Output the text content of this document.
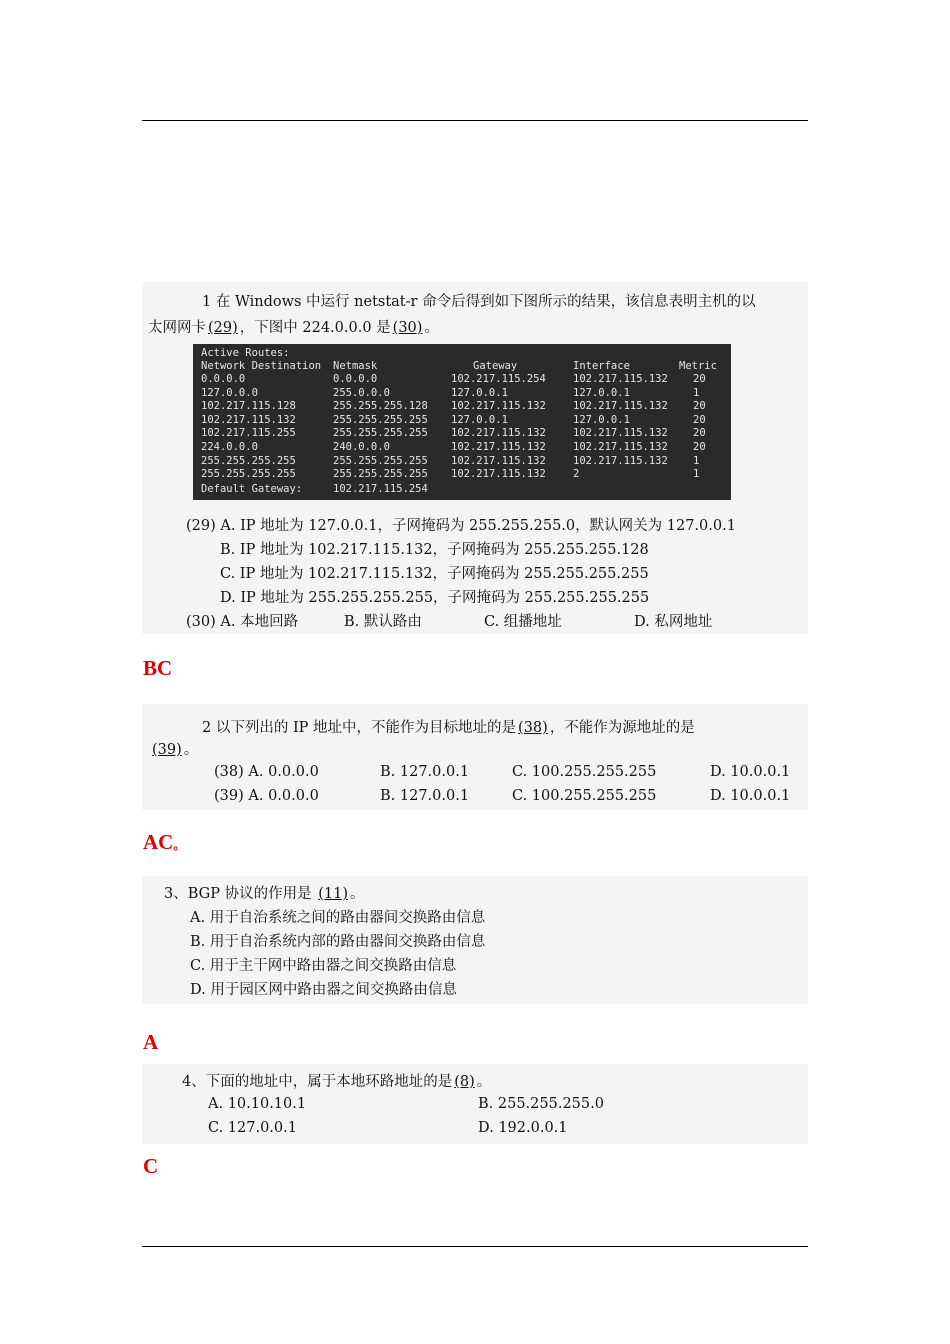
1 在 Windows 中运行 netstat-r 命令后得到如下图所示的结果，该信息表明主机的以
太网网卡 (29) ，下图中 224.0.0.0 是 (30) 。
Active Routes:
Network Destination Netmask	Gateway	Interface	Metric
0.0.0.0	0.0.0.0	102.217.115.254	102.217.115.132 20
127.0.0.0	255.0.0.0	127.0.0.1	127.0.0.1	1
102.217.115.128	255.255.255.128 102.217.115.132	102.217.115.132 20
102.217.115.132	255.255.255.255 127.0.0.1	127.0.0.1	20
102.217.115.255	255.255.255.255 102.217.115.132	102.217.115.132 20
224.0.0.0	240.0.0.0	102.217.115.132	102.217.115.132 20
255.255.255.255	255.255.255.255 102.217.115.132	102.217.115.132 1
255.255.255.255	255.255.255.255 102.217.115.132	2	1
Default Gateway:	102.217.115.254
(29) A. IP 地址为 127.0.0.1，子网掩码为 255.255.255.0，默认网关为 127.0.0.1
B. IP 地址为 102.217.115.132，子网掩码为 255.255.255.128
C. IP 地址为 102.217.115.132，子网掩码为 255.255.255.255
D. IP 地址为 255.255.255.255，子网掩码为 255.255.255.255
(30) A. 本地回路	B. 默认路由	C. 组播地址	D. 私网地址
BC
2 以下列出的 IP 地址中，不能作为目标地址的是 (38) ，不能作为源地址的是
(39) 。
(38) A. 0.0.0.0	B. 127.0.0.1	C. 100.255.255.255	D. 10.0.0.1
(39) A. 0.0.0.0	B. 127.0.0.1	C. 100.255.255.255	D. 10.0.0.1
AC。
3、BGP 协议的作用是 (11) 。
A. 用于自治系统之间的路由器间交换路由信息
B. 用于自治系统内部的路由器间交换路由信息
C. 用于主干网中路由器之间交换路由信息
D. 用于园区网中路由器之间交换路由信息
A
4、下面的地址中，属于本地环路地址的是 (8) 。
A. 10.10.10.1	B. 255.255.255.0
C. 127.0.0.1	D. 192.0.0.1
C
